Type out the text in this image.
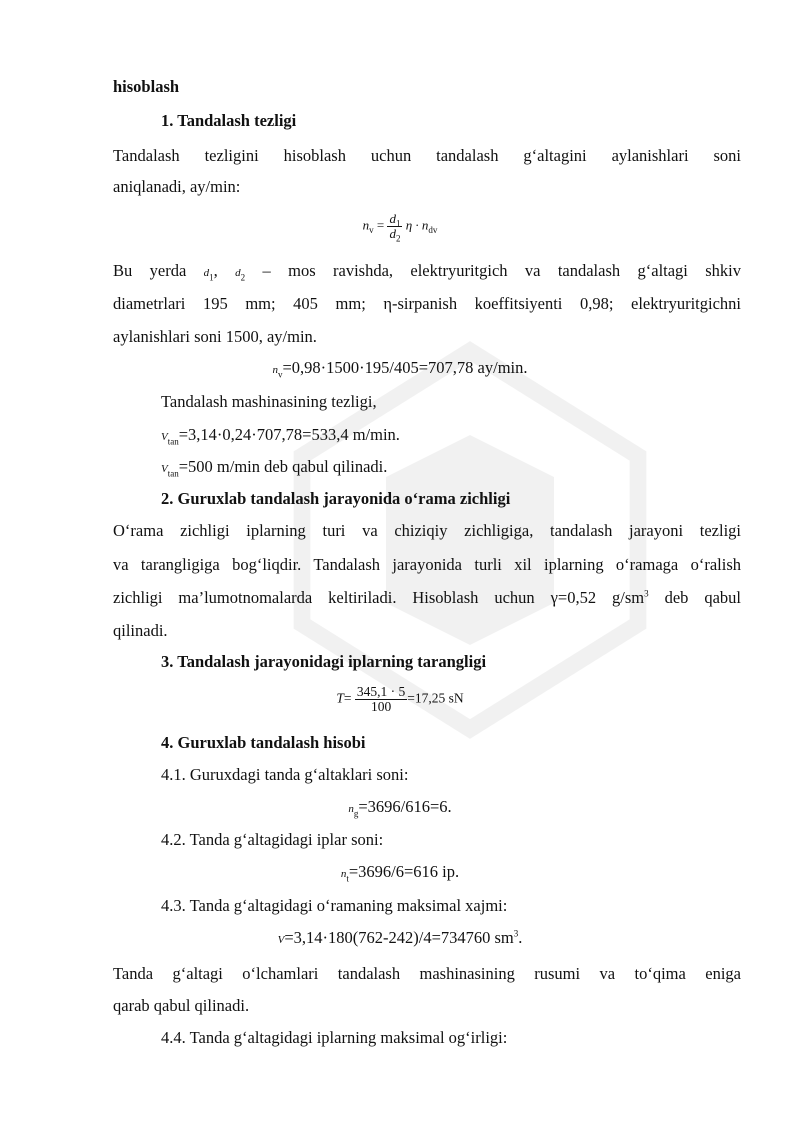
hisoblash
1. Tandalash tezligi
Tandalash tezligini hisoblash uchun tandalash g‘altagini aylanishlari soni
aniqlanadi, ay/min:
$n_v = \frac{d_1}{d_2}$ $\eta \cdot n_{dv}$
Bu yerda $d_1$, $d_2$ – mos ravishda, elektryuritgich va tandalash g‘altagi shkiv
diametrlari 195 mm; 405 mm; η-sirpanish koeffitsiyenti 0,98; elektryuritgichni
aylanishlari soni 1500, ay/min.
$n_v=0,98\cdot 1500\cdot 195/405=707,78$ ay/min.
Tandalash mashinasining tezligi,
$V_{tan}=3,14\cdot 0,24\cdot 707,78=533,4$ m/min.
$V_{tan}=500$ m/min deb qabul qilinadi.
2. Guruxlab tandalash jarayonida o‘rama zichligi
O‘rama zichligi iplarning turi va chiziqiy zichligiga, tandalash jarayoni tezligi
va tarangligiga bog‘liqdir. Tandalash jarayonida turli xil iplarning o‘ramaga o‘ralish
zichligi ma’lumotnomalarda keltiriladi. Hisoblash uchun γ=0,52 $g/sm^3$ deb qabul
qilinadi.
3. Tandalash jarayonidagi iplarning tarangligi
$T= \frac{345,1 \cdot 5}{100} =17,25$ sN
4. Guruxlab tandalash hisobi
4.1. Guruxdagi tanda g‘altaklari soni:
$n_g=3696/616=6$.
4.2. Tanda g‘altagidagi iplar soni:
$n_t=3696/6=616$ ip.
4.3. Tanda g‘altagidagi o‘ramaning maksimal xajmi:
V=3,14·180(762-242)/4=734760 $sm^3$.
Tanda g‘altagi o‘lchamlari tandalash mashinasining rusumi va to‘qima eniga
qarab qabul qilinadi.
4.4. Tanda g‘altagidagi iplarning maksimal og‘irligi:
